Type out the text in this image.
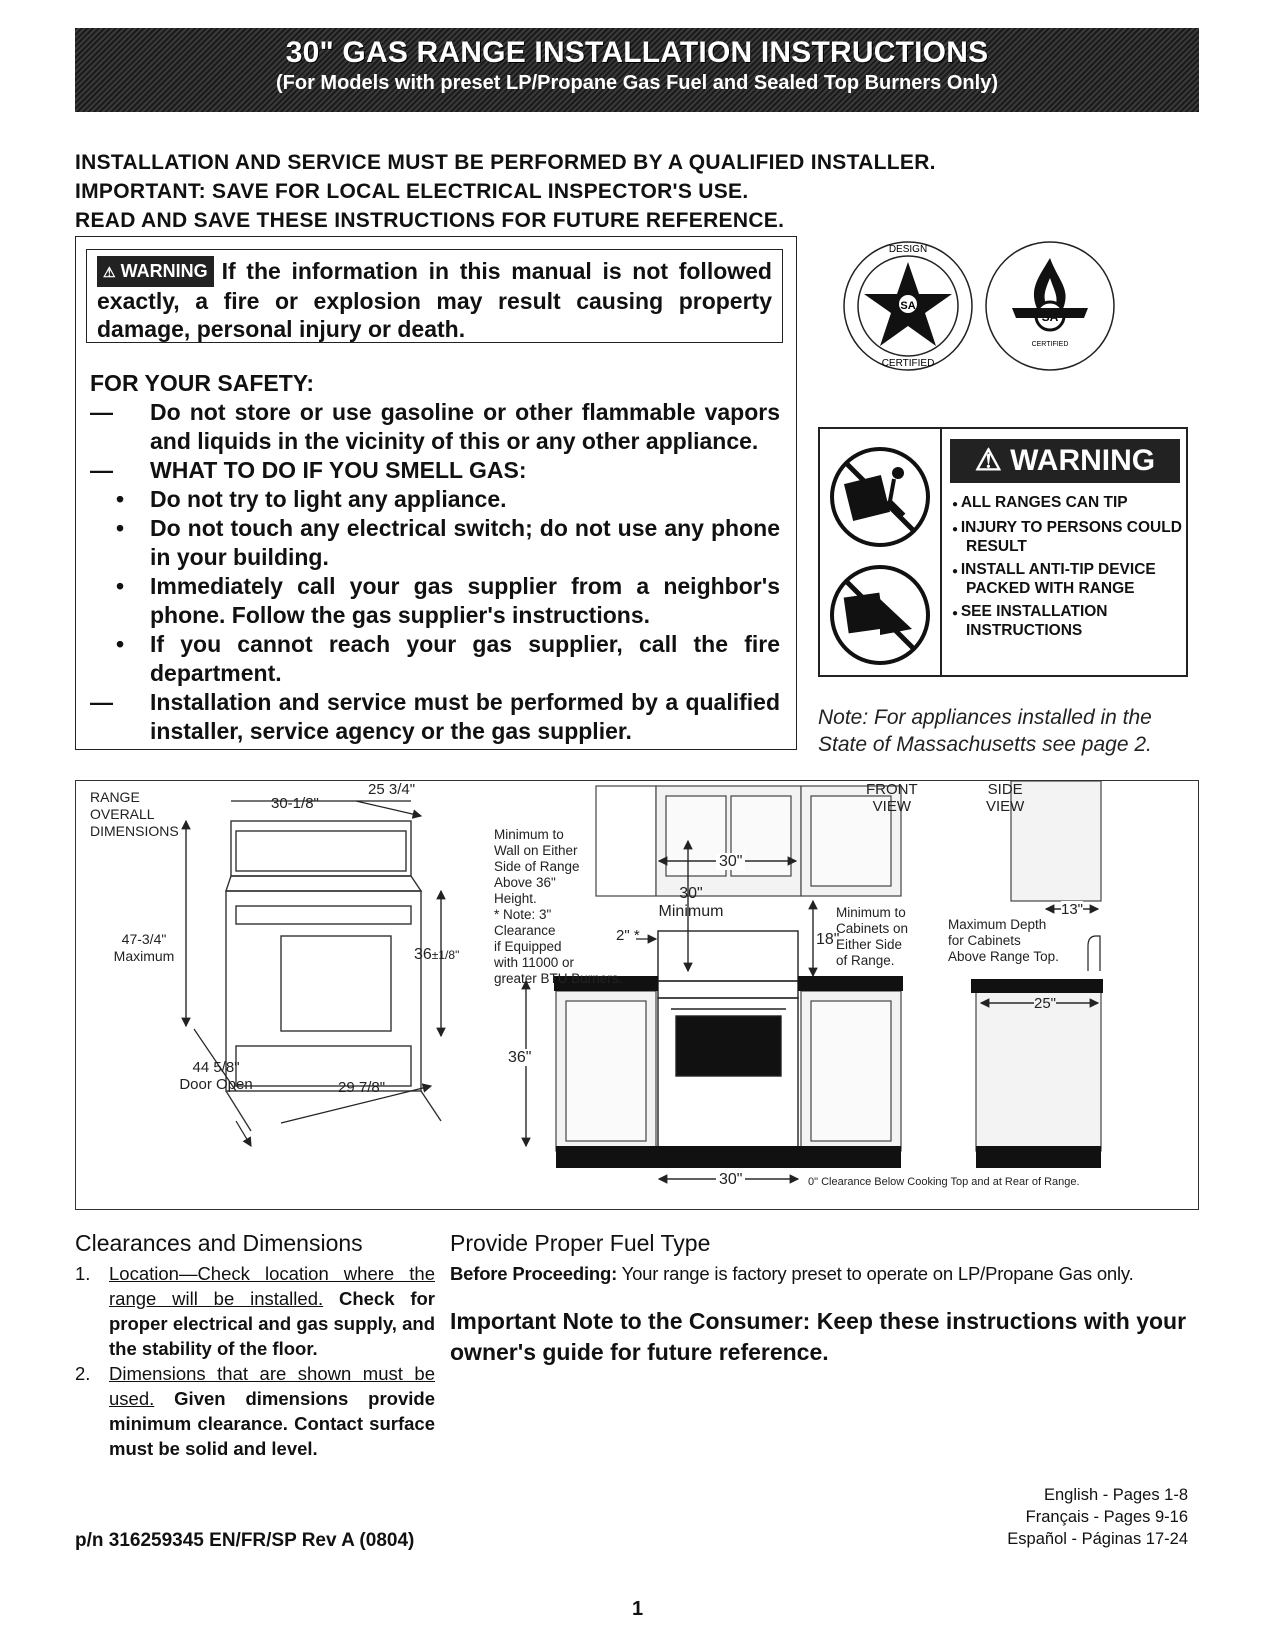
30" GAS RANGE INSTALLATION INSTRUCTIONS
(For Models with preset LP/Propane Gas Fuel and Sealed Top Burners Only)
INSTALLATION AND SERVICE MUST BE PERFORMED BY A QUALIFIED INSTALLER.
IMPORTANT: SAVE FOR LOCAL ELECTRICAL INSPECTOR'S USE.
READ AND SAVE THESE INSTRUCTIONS FOR FUTURE REFERENCE.
⚠ WARNING If the information in this manual is not followed exactly, a fire or explosion may result causing property damage, personal injury or death.
FOR YOUR SAFETY:
—	Do not store or use gasoline or other flammable vapors and liquids in the vicinity of this or any other appliance.
—	WHAT TO DO IF YOU SMELL GAS:
•	Do not try to light any appliance.
•	Do not touch any electrical switch; do not use any phone in your building.
•	Immediately call your gas supplier from a neighbor's phone. Follow the gas supplier's instructions.
•	If you cannot reach your gas supplier, call the fire department.
—	Installation and service must be performed by a qualified installer, service agency or the gas supplier.
SA
DESIGN
CERTIFIED
CERTIFIED
⚠ WARNING
● ALL RANGES CAN TIP
● INJURY TO PERSONS COULD RESULT
● INSTALL ANTI-TIP DEVICE PACKED WITH RANGE
● SEE INSTALLATION INSTRUCTIONS
Note: For appliances installed in the State of Massachusetts see page 2.
RANGE
OVERALL
DIMENSIONS
30-1/8"
25 3/4"
47-3/4"
Maximum	36±1/8"
44 5/8"
Door Open	29 7/8"
FRONT
VIEW
SIDE
VIEW
Minimum to
Wall on Either
Side of Range
Above 36"
Height.
* Note: 3"
Clearance
if Equipped
with 11000 or
greater BTU Burners.
2" *
30"
30"
Minimum
18"
Minimum to
Cabinets on
Either Side
of Range.
13"
Maximum Depth
for Cabinets
Above Range Top.
25"
36"
30"	0" Clearance Below Cooking Top and at Rear of Range.
Clearances and Dimensions
1.	Location—Check location where the range will be installed. Check for proper electrical and gas supply, and the stability of the floor.
2.	Dimensions that are shown must be used. Given dimensions provide minimum clearance. Contact surface must be solid and level.
Provide Proper Fuel Type

Before Proceeding: Your range is factory preset to operate on LP/Propane Gas only.

Important Note to the Consumer: Keep these instructions with your owner's guide for future reference.

English - Pages 1-8
Français - Pages 9-16
Español - Páginas 17-24
p/n 316259345 EN/FR/SP Rev A (0804)
1
